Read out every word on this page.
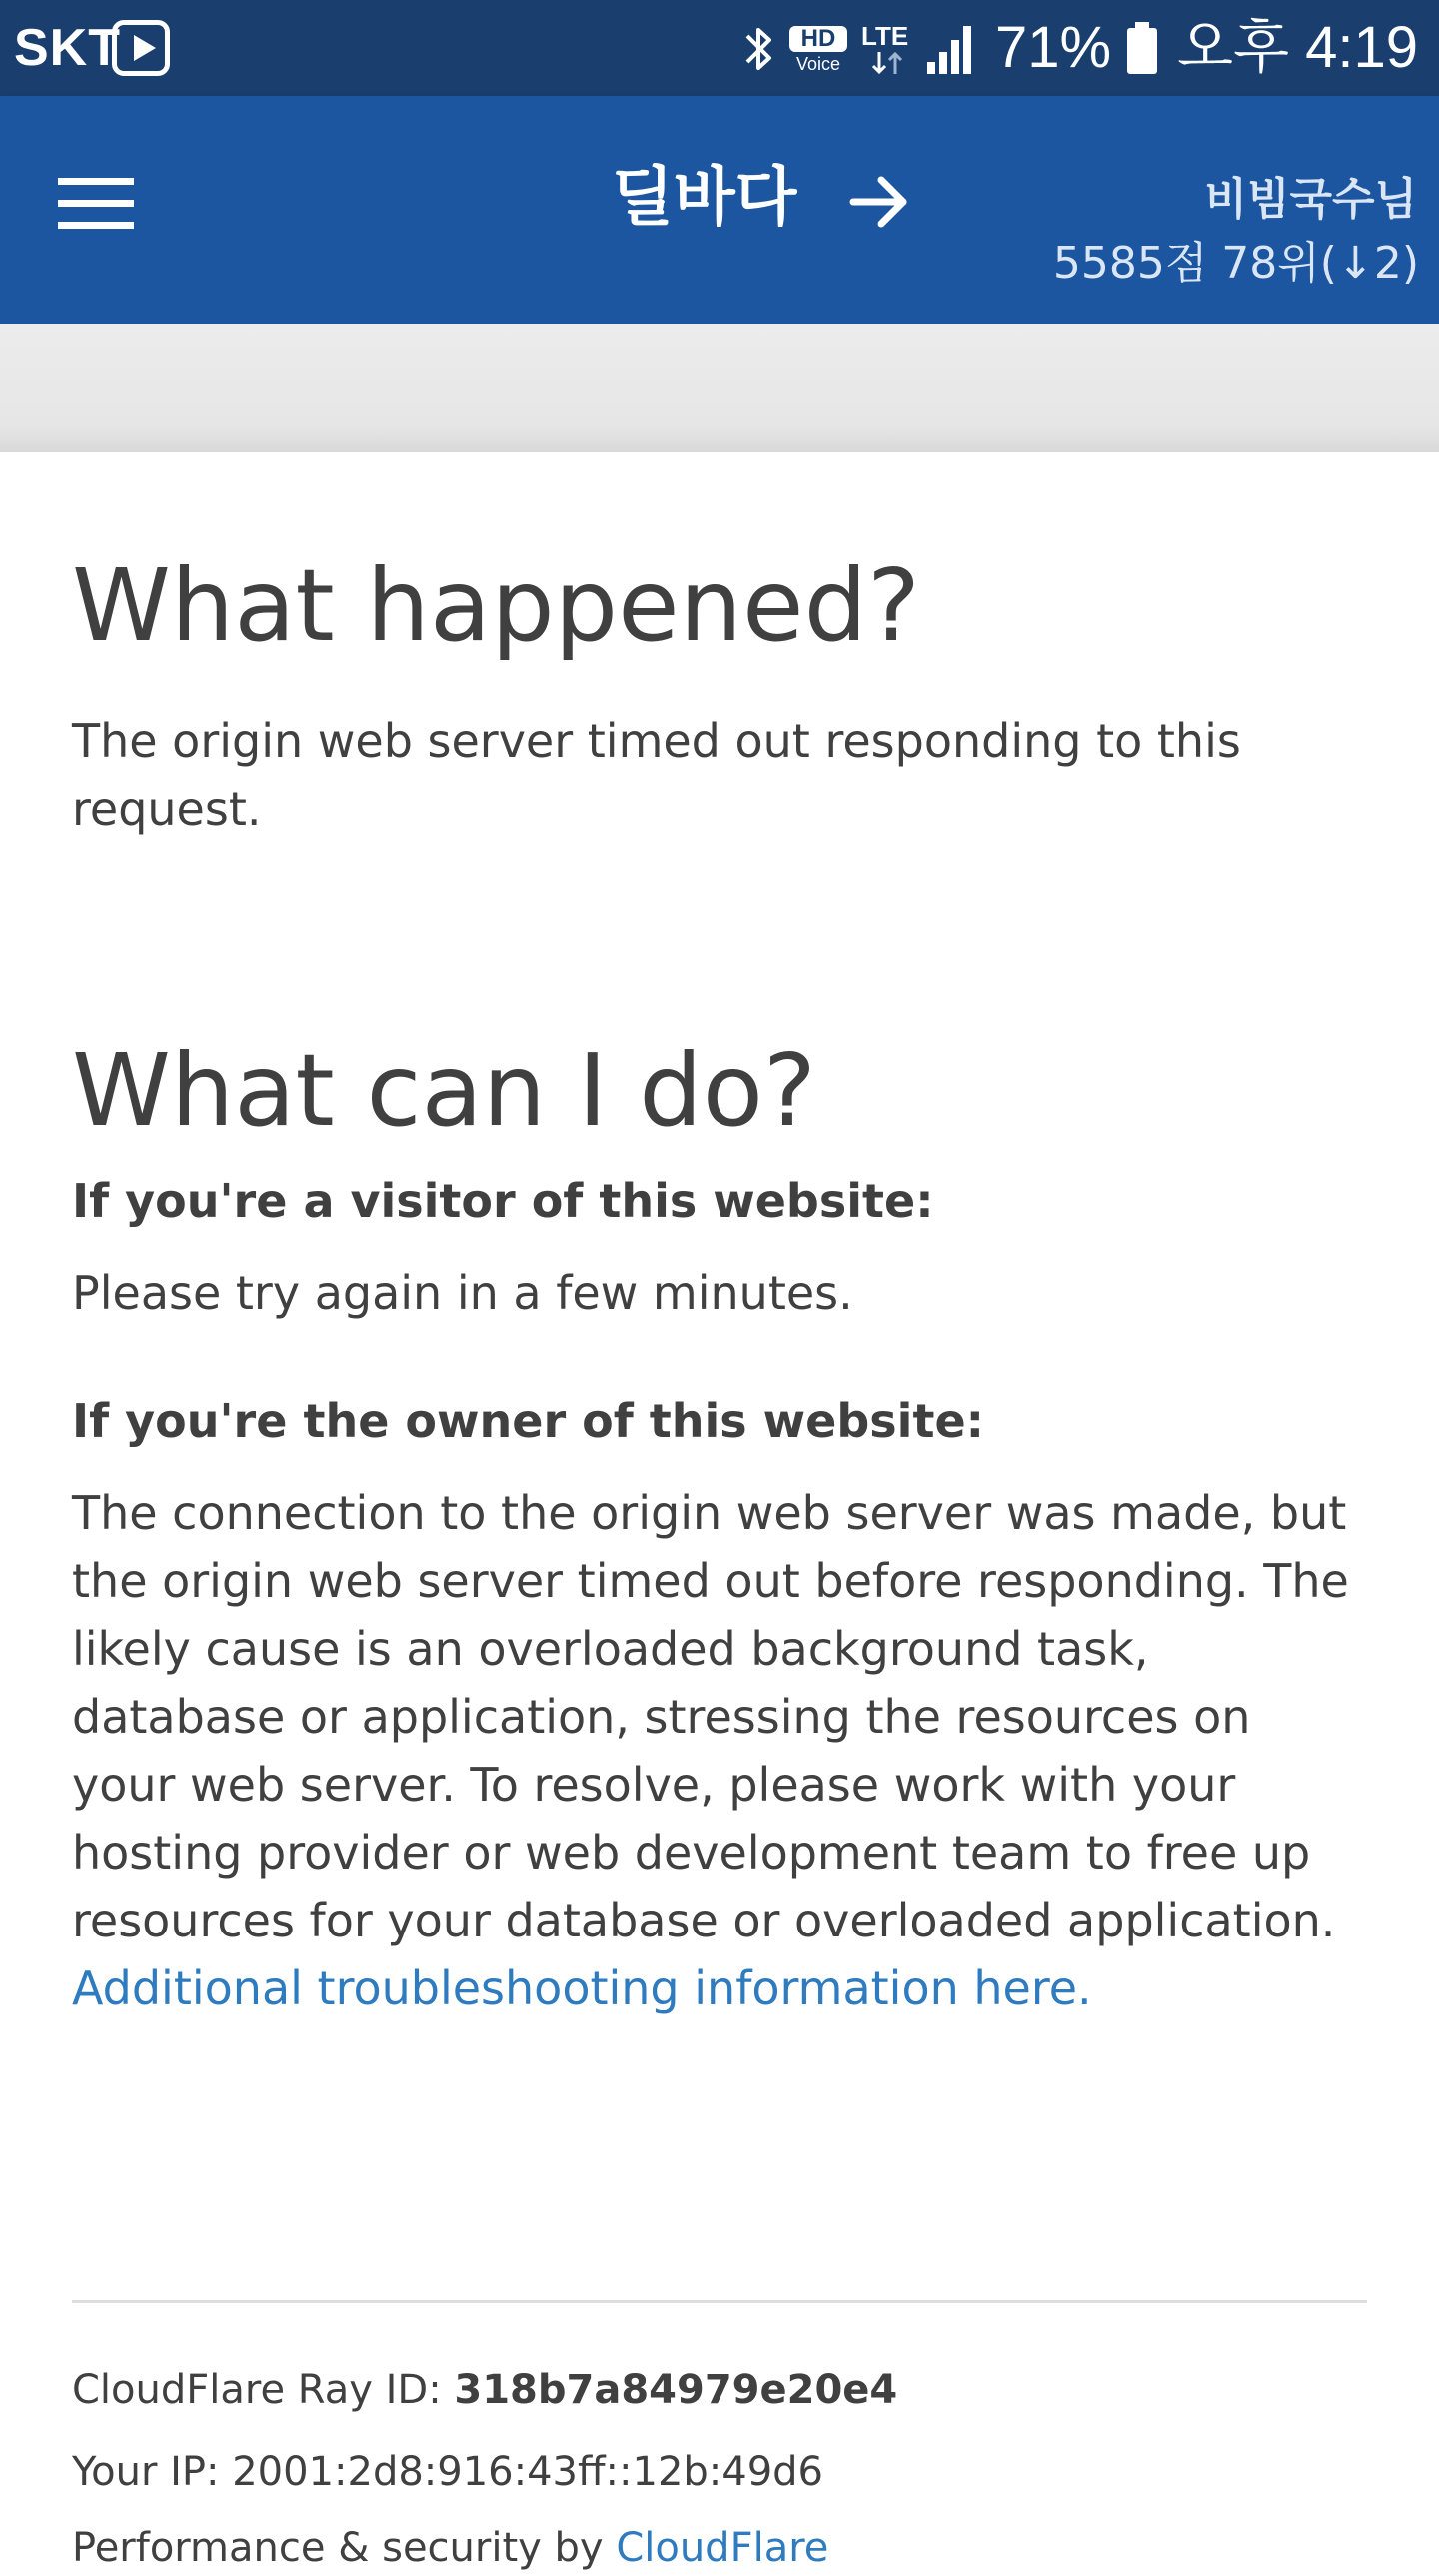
SKT	HD
Voice
LTE 71% 오후 4:19
딜바다	비빔국수님
5585점 78위(↓2)
What happened?

The origin web server timed out responding to this request.

What can I do?

If you're a visitor of this website:

Please try again in a few minutes.

If you're the owner of this website:

The connection to the origin web server was made, but the origin web server timed out before responding. The likely cause is an overloaded background task, database or application, stressing the resources on your web server. To resolve, please work with your hosting provider or web development team to free up resources for your database or overloaded application. Additional troubleshooting information here.

CloudFlare Ray ID: 318b7a84979e20e4
Your IP: 2001:2d8:916:43ff::12b:49d6
Performance & security by CloudFlare
